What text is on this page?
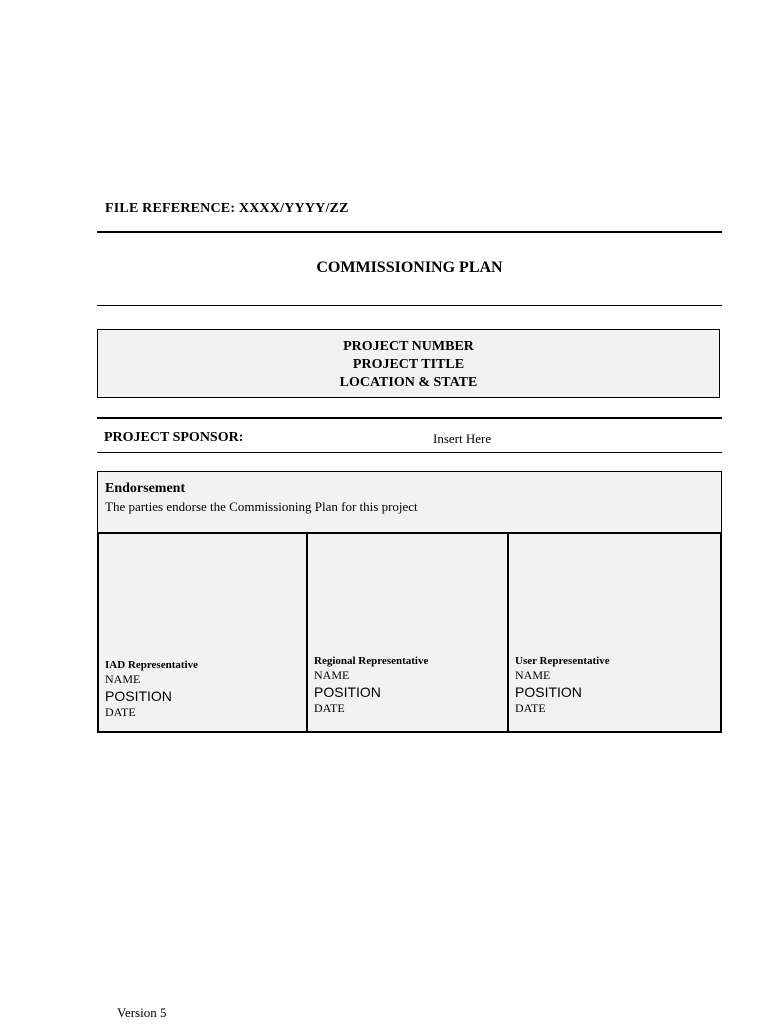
FILE REFERENCE: XXXX/YYYY/ZZ
COMMISSIONING PLAN
PROJECT NUMBER
PROJECT TITLE
LOCATION & STATE
PROJECT SPONSOR:	Insert Here
Endorsement
The parties endorse the Commissioning Plan for this project
IAD Representative
NAME
POSITION
DATE
Regional Representative
NAME
POSITION
DATE
User Representative
NAME
POSITION
DATE
Version 5
